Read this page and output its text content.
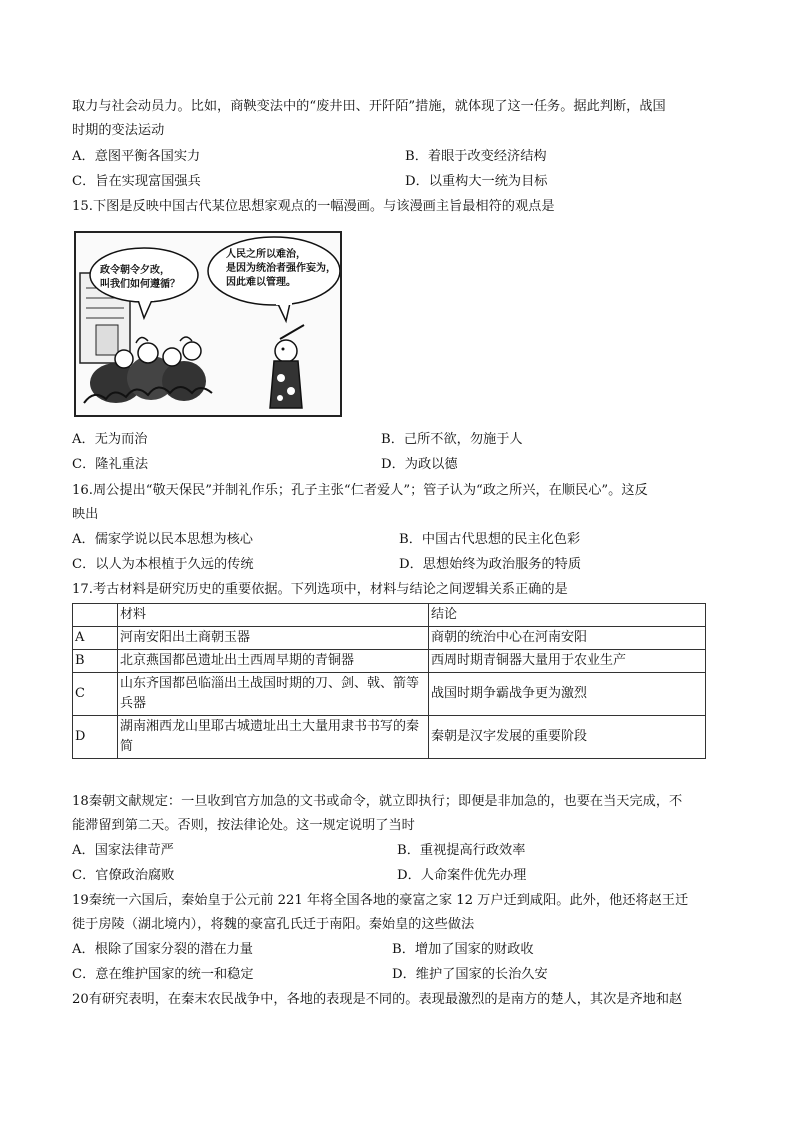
取力与社会动员力。比如，商鞅变法中的“废井田、开阡陌”措施，就体现了这一任务。据此判断，战国
时期的变法运动
A．意图平衡各国实力	B．着眼于改变经济结构
C．旨在实现富国强兵	D．以重构大一统为目标
15.下图是反映中国古代某位思想家观点的一幅漫画。与该漫画主旨最相符的观点是
政令朝令夕改，
叫我们如何遵循？
人民之所以难治，
是因为统治者强作妄为，
因此难以管理。
A．无为而治	B．己所不欲，勿施于人
C．隆礼重法	D．为政以德
16.周公提出“敬天保民”并制礼作乐；孔子主张“仁者爱人”；管子认为“政之所兴，在顺民心”。这反
映出
A．儒家学说以民本思想为核心	B．中国古代思想的民主化色彩
C．以人为本根植于久远的传统	D．思想始终为政治服务的特质
17.考古材料是研究历史的重要依据。下列选项中，材料与结论之间逻辑关系正确的是
	材料	结论
A	河南安阳出土商朝玉器	商朝的统治中心在河南安阳
B	北京燕国都邑遗址出土西周早期的青铜器	西周时期青铜器大量用于农业生产
C	山东齐国都邑临淄出土战国时期的刀、剑、戟、箭等兵器	战国时期争霸战争更为激烈
D	湖南湘西龙山里耶古城遗址出土大量用隶书书写的秦简	秦朝是汉字发展的重要阶段
18秦朝文献规定：一旦收到官方加急的文书或命令，就立即执行；即便是非加急的，也要在当天完成，不
能滞留到第二天。否则，按法律论处。这一规定说明了当时
A．国家法律苛严	B．重视提高行政效率
C．官僚政治腐败	D．人命案件优先办理
19秦统一六国后，秦始皇于公元前 221 年将全国各地的豪富之家 12 万户迁到咸阳。此外，他还将赵王迁
徙于房陵（湖北境内），将魏的豪富孔氏迁于南阳。秦始皇的这些做法
A．根除了国家分裂的潜在力量	B．增加了国家的财政收
C．意在维护国家的统一和稳定	D．维护了国家的长治久安
20有研究表明，在秦末农民战争中，各地的表现是不同的。表现最激烈的是南方的楚人，其次是齐地和赵
